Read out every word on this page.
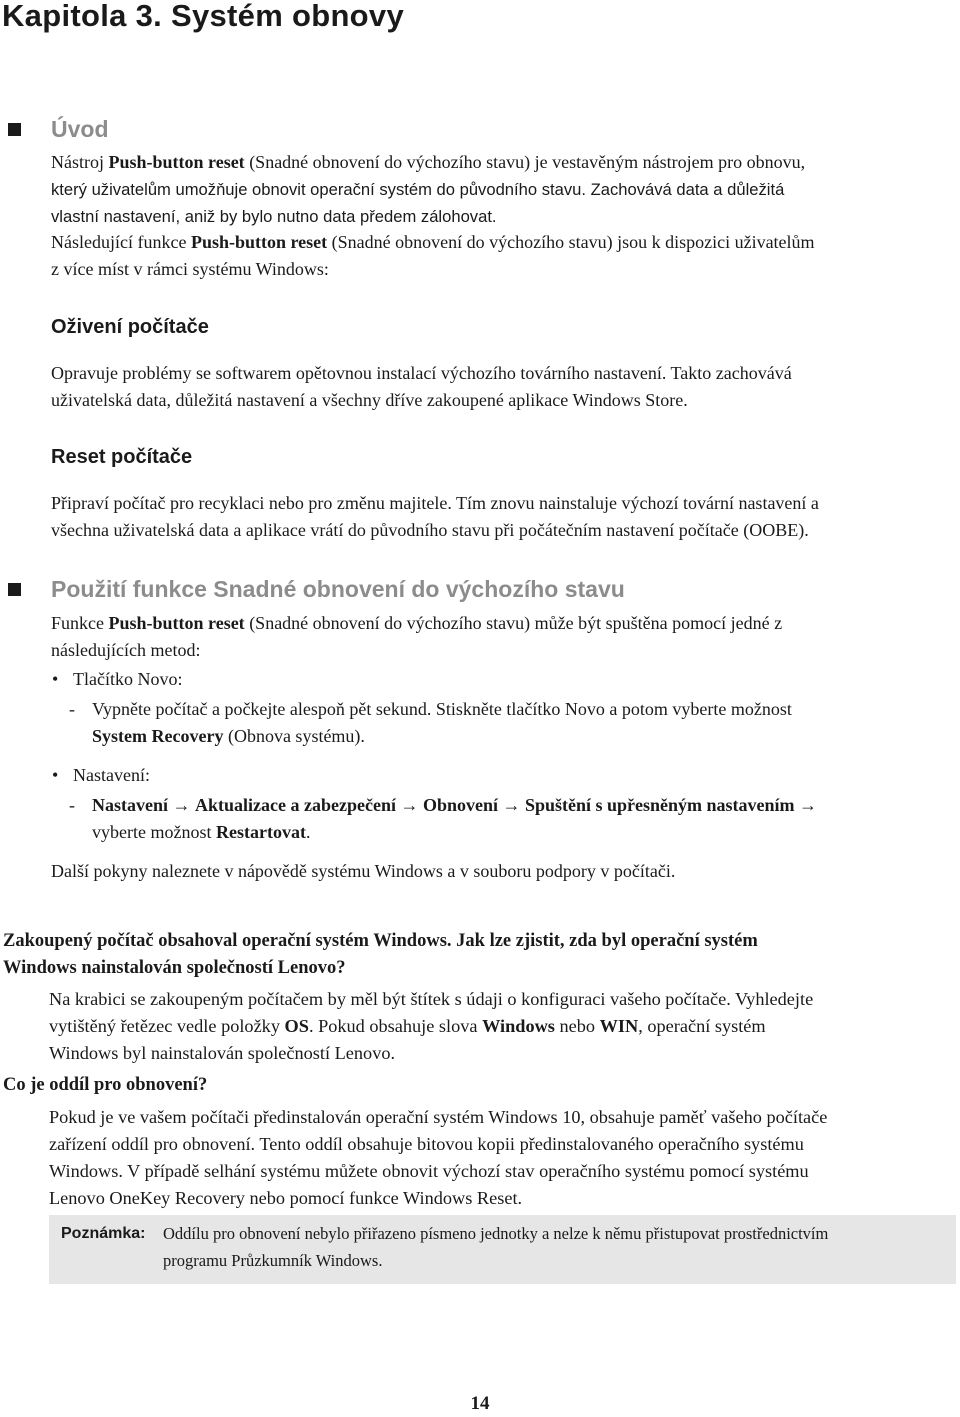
Kapitola 3. Systém obnovy
Úvod
Nástroj Push-button reset (Snadné obnovení do výchozího stavu) je vestavěným nástrojem pro obnovu,
který uživatelům umožňuje obnovit operační systém do původního stavu. Zachovává data a důležitá
vlastní nastavení, aniž by bylo nutno data předem zálohovat.
Následující funkce Push-button reset (Snadné obnovení do výchozího stavu) jsou k dispozici uživatelům
z více míst v rámci systému Windows:
Oživení počítače
Opravuje problémy se softwarem opětovnou instalací výchozího továrního nastavení. Takto zachovává
uživatelská data, důležitá nastavení a všechny dříve zakoupené aplikace Windows Store.
Reset počítače
Připraví počítač pro recyklaci nebo pro změnu majitele. Tím znovu nainstaluje výchozí tovární nastavení a
všechna uživatelská data a aplikace vrátí do původního stavu při počátečním nastavení počítače (OOBE).
Použití funkce Snadné obnovení do výchozího stavu
Funkce Push-button reset (Snadné obnovení do výchozího stavu) může být spuštěna pomocí jedné z
následujících metod:
• Tlačítko Novo:
- Vypněte počítač a počkejte alespoň pět sekund. Stiskněte tlačítko Novo a potom vyberte možnost
System Recovery (Obnova systému).
• Nastavení:
- Nastavení → Aktualizace a zabezpečení → Obnovení → Spuštění s upřesněným nastavením →
vyberte možnost Restartovat.
Další pokyny naleznete v nápovědě systému Windows a v souboru podpory v počítači.
Zakoupený počítač obsahoval operační systém Windows. Jak lze zjistit, zda byl operační systém
Windows nainstalován společností Lenovo?
Na krabici se zakoupeným počítačem by měl být štítek s údaji o konfiguraci vašeho počítače. Vyhledejte
vytištěný řetězec vedle položky OS. Pokud obsahuje slova Windows nebo WIN, operační systém
Windows byl nainstalován společností Lenovo.
Co je oddíl pro obnovení?
Pokud je ve vašem počítači předinstalován operační systém Windows 10, obsahuje paměť vašeho počítače
zařízení oddíl pro obnovení. Tento oddíl obsahuje bitovou kopii předinstalovaného operačního systému
Windows. V případě selhání systému můžete obnovit výchozí stav operačního systému pomocí systému
Lenovo OneKey Recovery nebo pomocí funkce Windows Reset.
Poznámka: Oddílu pro obnovení nebylo přiřazeno písmeno jednotky a nelze k němu přistupovat prostřednictvím
programu Průzkumník Windows.
14
